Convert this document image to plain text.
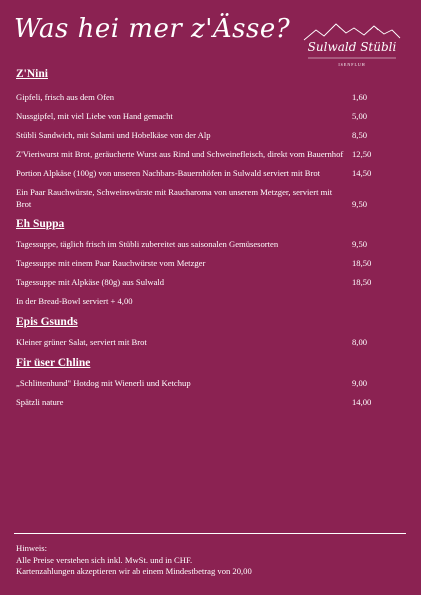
Was hei mer z'Ässe?
Sulwald Stübli
ISENFLUH
Z'Nini
Gipfeli, frisch aus dem Ofen	1,60
Nussgipfel, mit viel Liebe von Hand gemacht	5,00
Stübli Sandwich, mit Salami und Hobelkäse von der Alp	8,50
Z'Vieriwurst mit Brot, geräucherte Wurst aus Rind und Schweinefleisch, direkt vom Bauernhof	12,50
Portion Alpkäse (100g) von unseren Nachbars-Bauernhöfen in Sulwald serviert mit Brot	14,50
Ein Paar Rauchwürste, Schweinswürste mit Raucharoma von unserem Metzger, serviert mit Brot	9,50
Eh Suppa
Tagessuppe, täglich frisch im Stübli zubereitet aus saisonalen Gemüsesorten	9,50
Tagessuppe mit einem Paar Rauchwürste vom Metzger	18,50
Tagessuppe mit Alpkäse (80g) aus Sulwald	18,50
In der Bread-Bowl serviert + 4,00
Epis Gsunds
Kleiner grüner Salat, serviert mit Brot	8,00
Fir üser Chline
„Schlittenhund" Hotdog mit Wienerli und Ketchup	9,00
Spätzli nature	14,00
Hinweis:
Alle Preise verstehen sich inkl. MwSt. und in CHF.
Kartenzahlungen akzeptieren wir ab einem Mindestbetrag von 20,00
